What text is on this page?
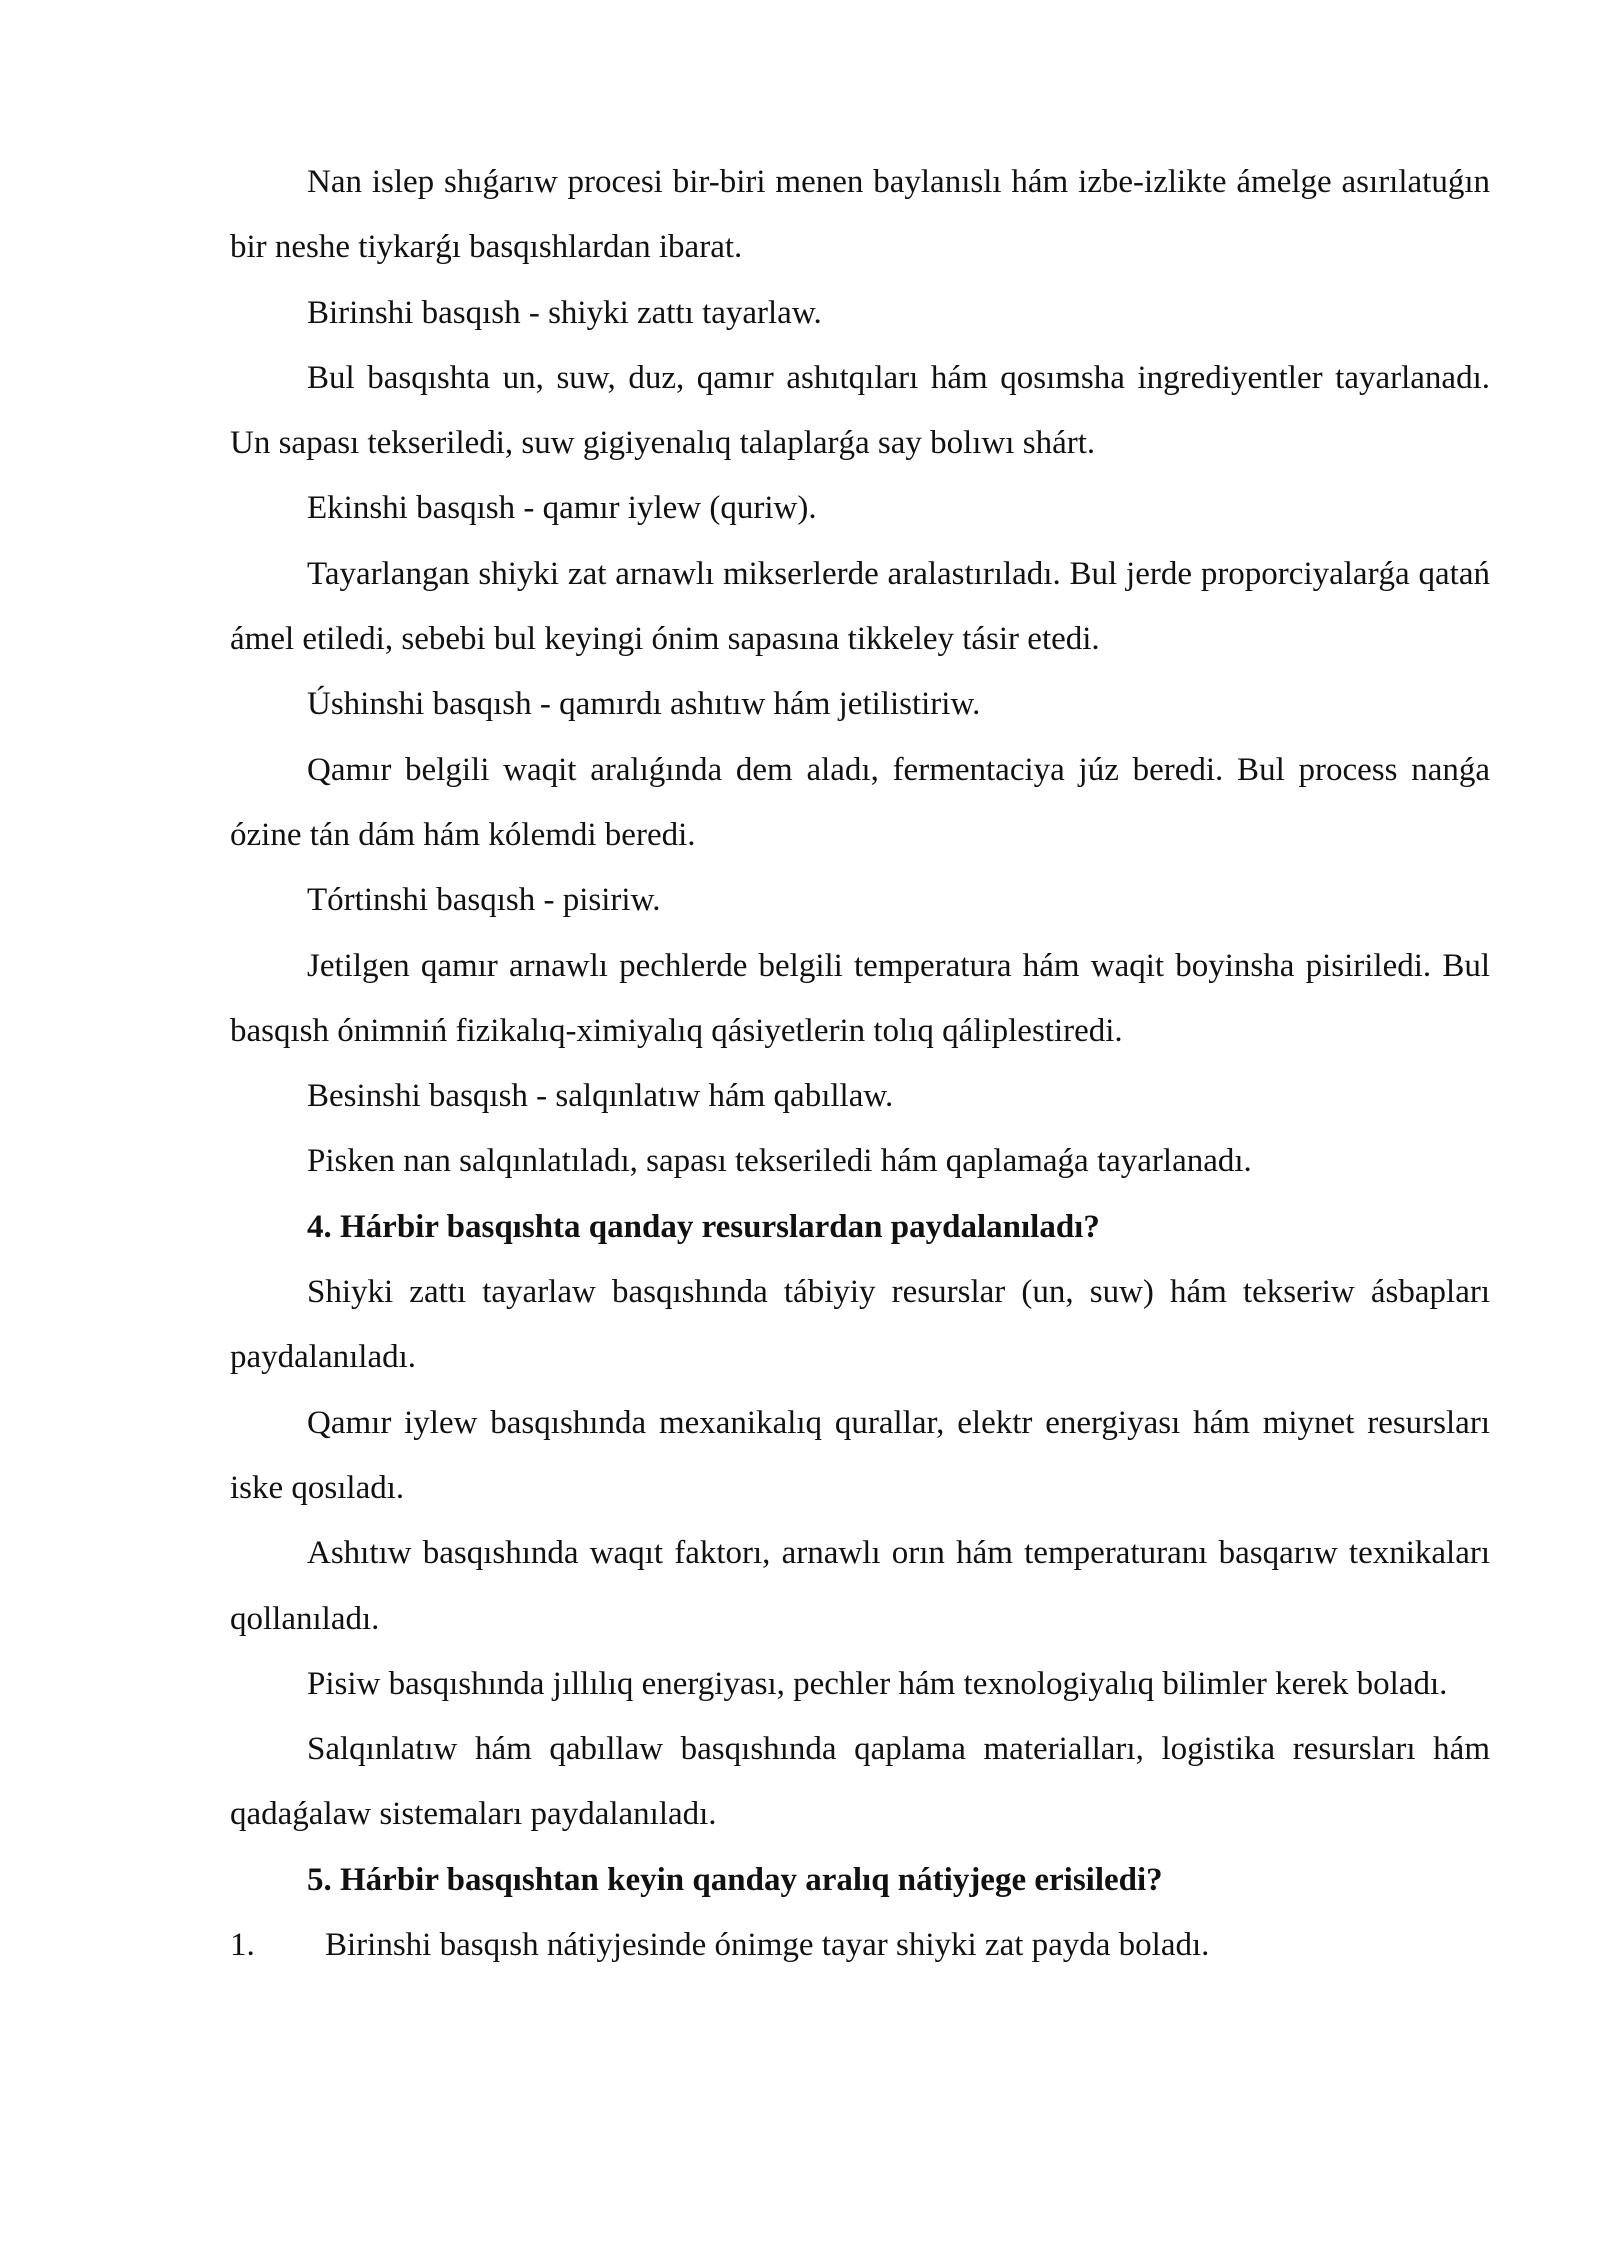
Nan islep shıǵarıw procesi bir-biri menen baylanıslı hám izbe-izlikte ámelge asırılatuǵın bir neshe tiykarǵı basqıshlardan ibarat.

Birinshi basqısh - shiyki zattı tayarlaw.

Bul basqıshta un, suw, duz, qamır ashıtqıları hám qosımsha ingrediyentler tayarlanadı. Un sapası tekseriledi, suw gigiyenalıq talaplarǵa say bolıwı shárt.

Ekinshi basqısh - qamır iylew (quriw).

Tayarlangan shiyki zat arnawlı mikserlerde aralastırıladı. Bul jerde proporciyalarǵa qatań ámel etiledi, sebebi bul keyingi ónim sapasına tikkeley tásir etedi.

Úshinshi basqısh - qamırdı ashıtıw hám jetilistiriw.

Qamır belgili waqit aralıǵında dem aladı, fermentaciya júz beredi. Bul process nanǵa ózine tán dám hám kólemdi beredi.

Tórtinshi basqısh - pisiriw.

Jetilgen qamır arnawlı pechlerde belgili temperatura hám waqit boyinsha pisiriledi. Bul basqısh ónimniń fizikalıq-ximiyalıq qásiyetlerin tolıq qáliplestiredi.

Besinshi basqısh - salqınlatıw hám qabıllaw.

Pisken nan salqınlatıladı, sapası tekseriledi hám qaplamaǵa tayarlanadı.

4. Hárbir basqıshta qanday resurslardan paydalanıladı?

Shiyki zattı tayarlaw basqıshında tábiyiy resurslar (un, suw) hám tekseriw ásbapları paydalanıladı.

Qamır iylew basqıshında mexanikalıq qurallar, elektr energiyası hám miynet resursları iske qosıladı.

Ashıtıw basqıshında waqıt faktorı, arnawlı orın hám temperaturanı basqarıw texnikaları qollanıladı.

Pisiw basqıshında jıllılıq energiyası, pechler hám texnologiyalıq bilimler kerek boladı.

Salqınlatıw hám qabıllaw basqıshında qaplama materialları, logistika resursları hám qadaǵalaw sistemaları paydalanıladı.

5. Hárbir basqıshtan keyin qanday aralıq nátiyjege erisiledi?

1.	Birinshi basqısh nátiyjesinde ónimge tayar shiyki zat payda boladı.
